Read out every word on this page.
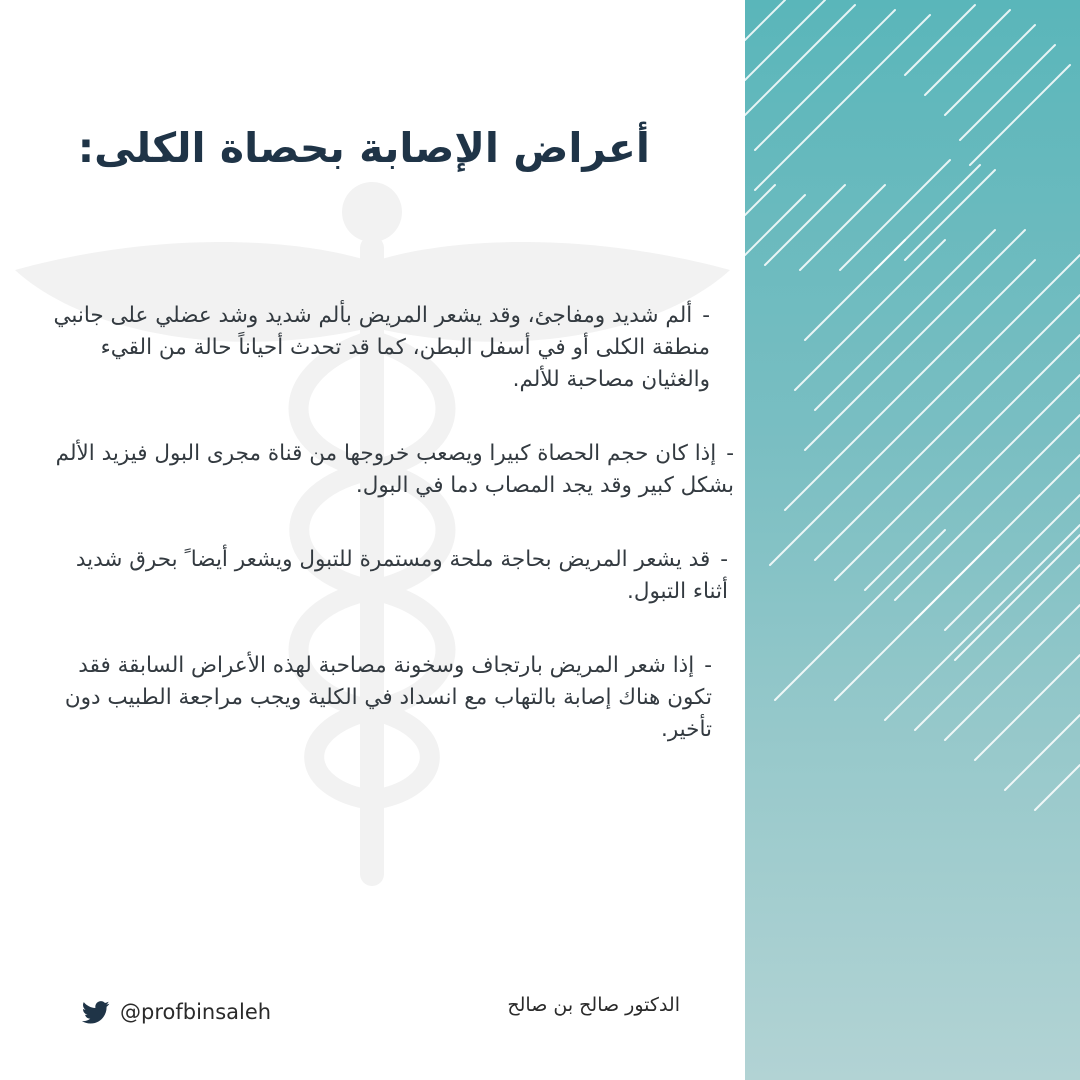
أعراض الإصابة بحصاة الكلى:

-ألم شديد ومفاجئ، وقد يشعر المريض بألم شديد وشد عضلي على جانبي منطقة الكلى أو في أسفل البطن، كما قد تحدث أحياناً حالة من القيء والغثيان مصاحبة للألم.

-إذا كان حجم الحصاة كبيرا ويصعب خروجها من قناة مجرى البول فيزيد الألم بشكل كبير وقد يجد المصاب دما في البول.

-قد يشعر المريض بحاجة ملحة ومستمرة للتبول ويشعر أيضا ً بحرق شديد أثناء التبول.

-إذا شعر المريض بارتجاف وسخونة مصاحبة لهذه الأعراض السابقة فقد تكون هناك إصابة بالتهاب مع انسداد في الكلية ويجب مراجعة الطبيب دون تأخير.

الدكتور صالح بن صالح
@profbinsaleh
